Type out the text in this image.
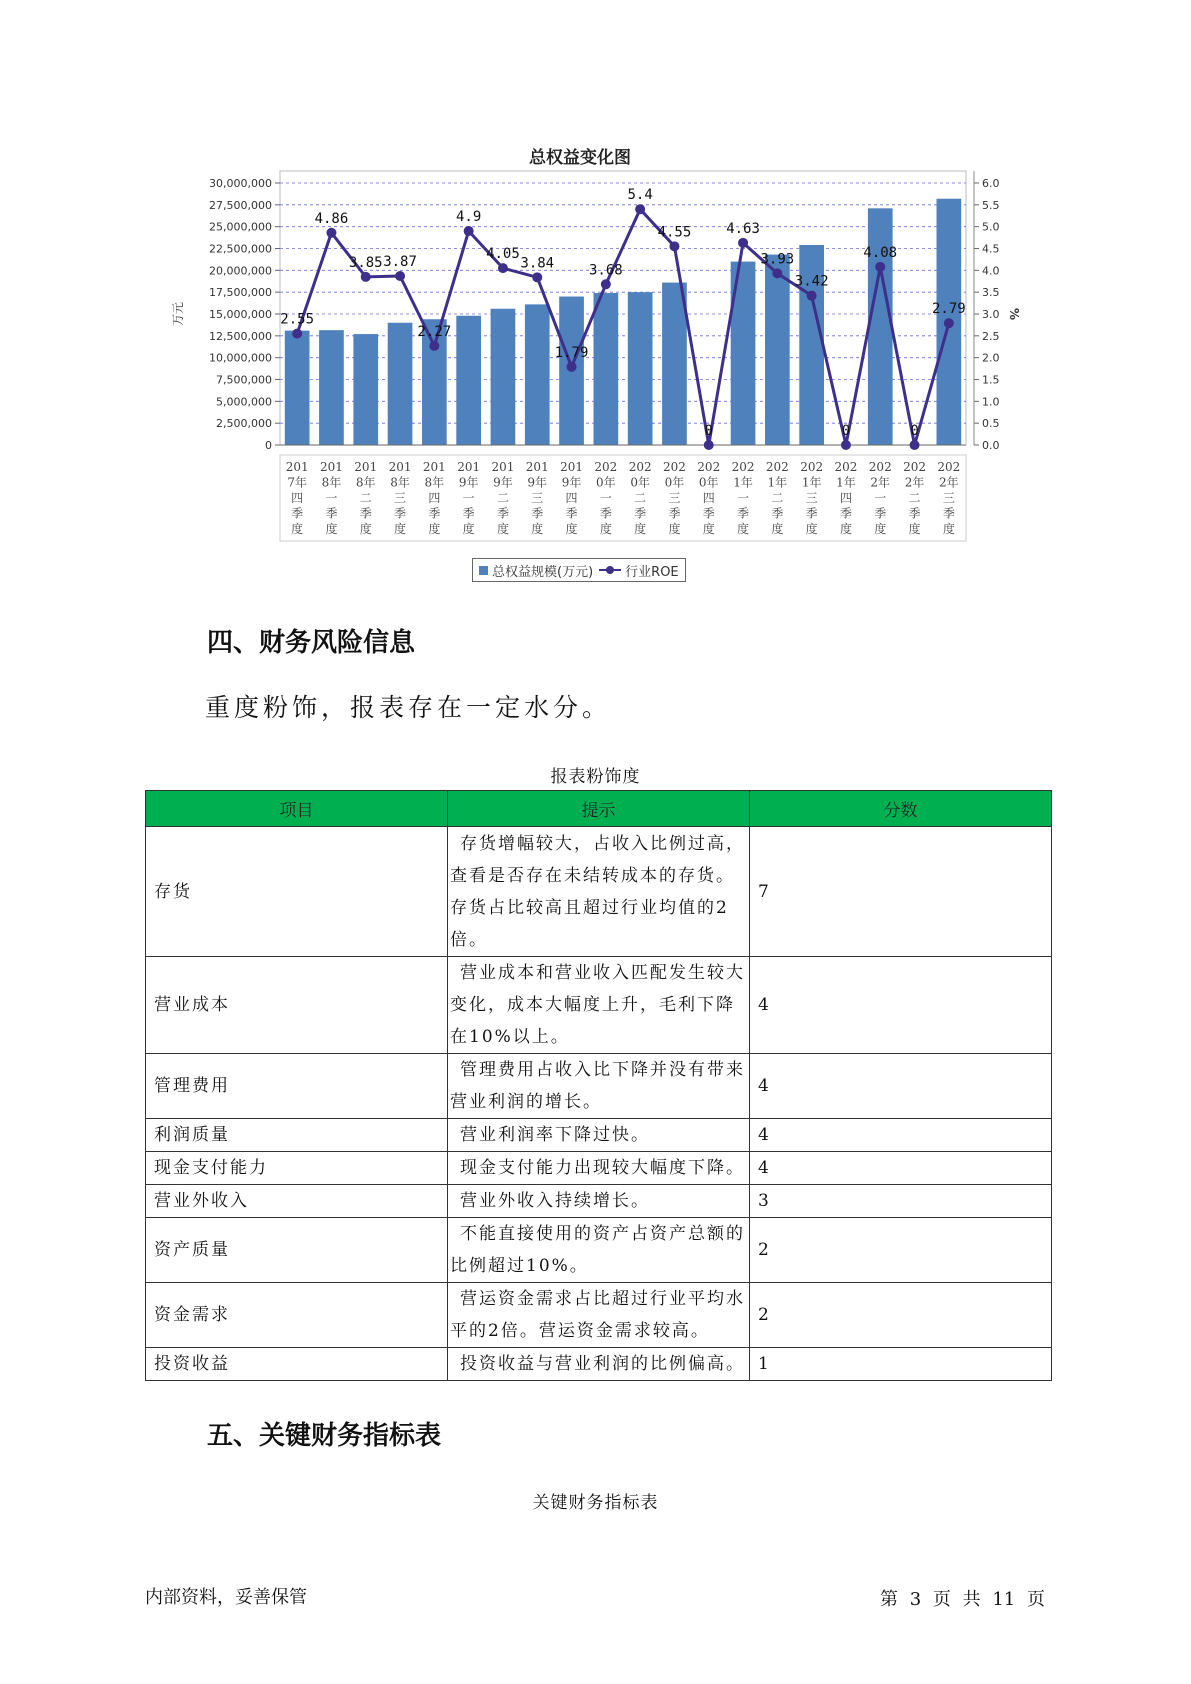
总权益变化图
0
2,500,000
5,000,000
7,500,000
10,000,000
12,500,000
15,000,000
17,500,000
20,000,000
22,500,000
25,000,000
27,500,000
30,000,000
0.0
0.5
1.0
1.5
2.0
2.5
3.0
3.5
4.0
4.5
5.0
5.5
6.0
万元	%
2.55
4.86
3.85 3.87
2.27
4.9
4.05
3.84
1.79
3.68
5.4
4.55
0
4.63
3.93
3.42
0
4.08
0
2.79
201 7年四季度
201 8年一季度
201 8年二季度
201 8年三季度
201 8年四季度
201 9年一季度
201 9年二季度
201 9年三季度
201 9年四季度
202 0年一季度
202 0年二季度
202 0年三季度
202 0年四季度
202 1年一季度
202 1年二季度
202 1年三季度
202 1年四季度
202 2年一季度
202 2年二季度
202 2年三季度
总权益规模(万元) 行业ROE
四、财务风险信息

重度粉饰，报表存在一定水分。

报表粉饰度
项目	提示	分数
存货	存货增幅较大，占收入比例过高，查看是否存在未结转成本的存货。存货占比较高且超过行业均值的2倍。	7
营业成本	营业成本和营业收入匹配发生较大变化，成本大幅度上升，毛利下降在10%以上。	4
管理费用	管理费用占收入比下降并没有带来营业利润的增长。	4
利润质量	营业利润率下降过快。	4
现金支付能力	现金支付能力出现较大幅度下降。	4
营业外收入	营业外收入持续增长。	3
资产质量	不能直接使用的资产占资产总额的比例超过10%。	2
资金需求	营运资金需求占比超过行业平均水平的2倍。营运资金需求较高。	2
投资收益	投资收益与营业利润的比例偏高。	1
五、关键财务指标表
关键财务指标表
内部资料，妥善保管	第 3 页 共 11 页
